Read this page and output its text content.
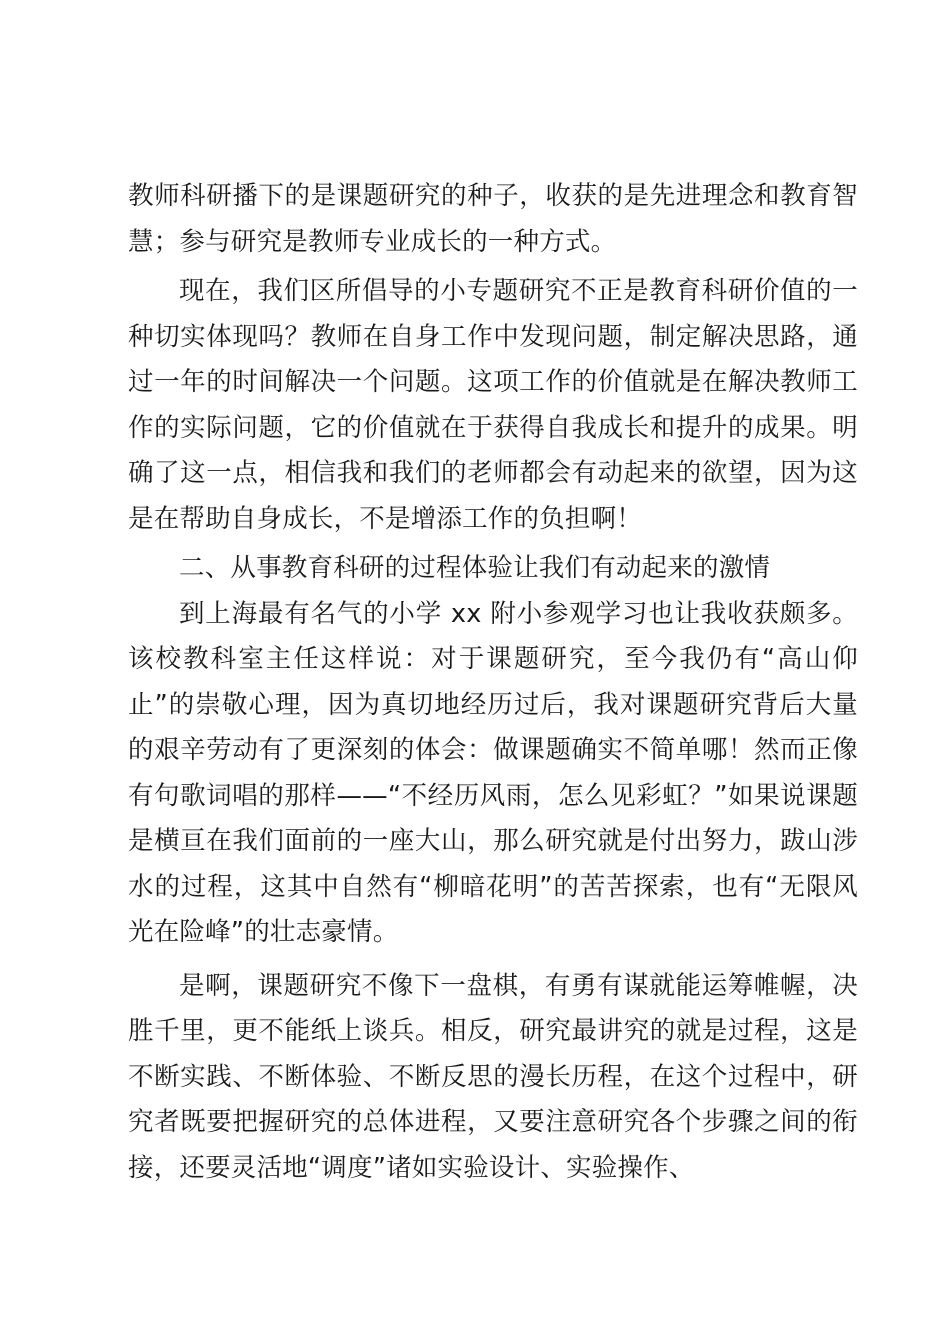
教师科研播下的是课题研究的种子，收获的是先进理念和教育智慧；参与研究是教师专业成长的一种方式。

现在，我们区所倡导的小专题研究不正是教育科研价值的一种切实体现吗？教师在自身工作中发现问题，制定解决思路，通过一年的时间解决一个问题。这项工作的价值就是在解决教师工作的实际问题，它的价值就在于获得自我成长和提升的成果。明确了这一点，相信我和我们的老师都会有动起来的欲望，因为这是在帮助自身成长，不是增添工作的负担啊！

二、从事教育科研的过程体验让我们有动起来的激情

到上海最有名气的小学 xx 附小参观学习也让我收获颇多。该校教科室主任这样说：对于课题研究，至今我仍有“高山仰止”的崇敬心理，因为真切地经历过后，我对课题研究背后大量的艰辛劳动有了更深刻的体会：做课题确实不简单哪！然而正像有句歌词唱的那样——“不经历风雨，怎么见彩虹？”如果说课题是横亘在我们面前的一座大山，那么研究就是付出努力，跋山涉水的过程，这其中自然有“柳暗花明”的苦苦探索，也有“无限风光在险峰”的壮志豪情。

是啊，课题研究不像下一盘棋，有勇有谋就能运筹帷幄，决胜千里，更不能纸上谈兵。相反，研究最讲究的就是过程，这是不断实践、不断体验、不断反思的漫长历程，在这个过程中，研究者既要把握研究的总体进程，又要注意研究各个步骤之间的衔接，还要灵活地“调度”诸如实验设计、实验操作、
